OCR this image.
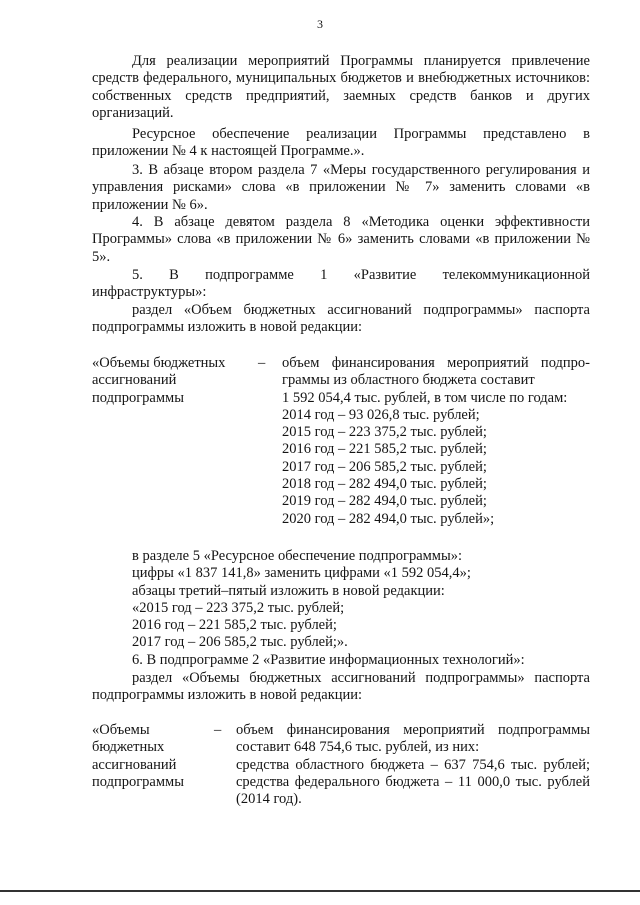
3
Для реализации мероприятий Программы планируется привлечение средств федерального, муниципальных бюджетов и внебюджетных источников: собственных средств предприятий, заемных средств банков и других организаций.
Ресурсное обеспечение реализации Программы представлено в приложении № 4 к настоящей Программе.».
3. В абзаце втором раздела 7 «Меры государственного регулирования и управления рисками» слова «в приложении № 7» заменить словами «в приложении № 6».
4. В абзаце девятом раздела 8 «Методика оценки эффективности Программы» слова «в приложении № 6» заменить словами «в приложении № 5».
5. В подпрограмме 1 «Развитие телекоммуникационной инфраструктуры»:
раздел «Объем бюджетных ассигнований подпрограммы» паспорта подпрограммы изложить в новой редакции:
«Объемы бюджетных
ассигнований
подпрограммы
– объем финансирования мероприятий подпро-
граммы из областного бюджета составит
1 592 054,4 тыс. рублей, в том числе по годам:
2014 год – 93 026,8 тыс. рублей;
2015 год – 223 375,2 тыс. рублей;
2016 год – 221 585,2 тыс. рублей;
2017 год – 206 585,2 тыс. рублей;
2018 год – 282 494,0 тыс. рублей;
2019 год – 282 494,0 тыс. рублей;
2020 год – 282 494,0 тыс. рублей»;
в разделе 5 «Ресурсное обеспечение подпрограммы»:
цифры «1 837 141,8» заменить цифрами «1 592 054,4»;
абзацы третий–пятый изложить в новой редакции:
«2015 год – 223 375,2 тыс. рублей;
2016 год – 221 585,2 тыс. рублей;
2017 год – 206 585,2 тыс. рублей;».
6. В подпрограмме 2 «Развитие информационных технологий»:
раздел «Объемы бюджетных ассигнований подпрограммы» паспорта подпрограммы изложить в новой редакции:
«Объемы
бюджетных
ассигнований
подпрограммы
– объем финансирования мероприятий подпрограммы
составит 648 754,6 тыс. рублей, из них:
средства областного бюджета – 637 754,6 тыс. рублей;
средства федерального бюджета – 11 000,0 тыс. рублей
(2014 год).
